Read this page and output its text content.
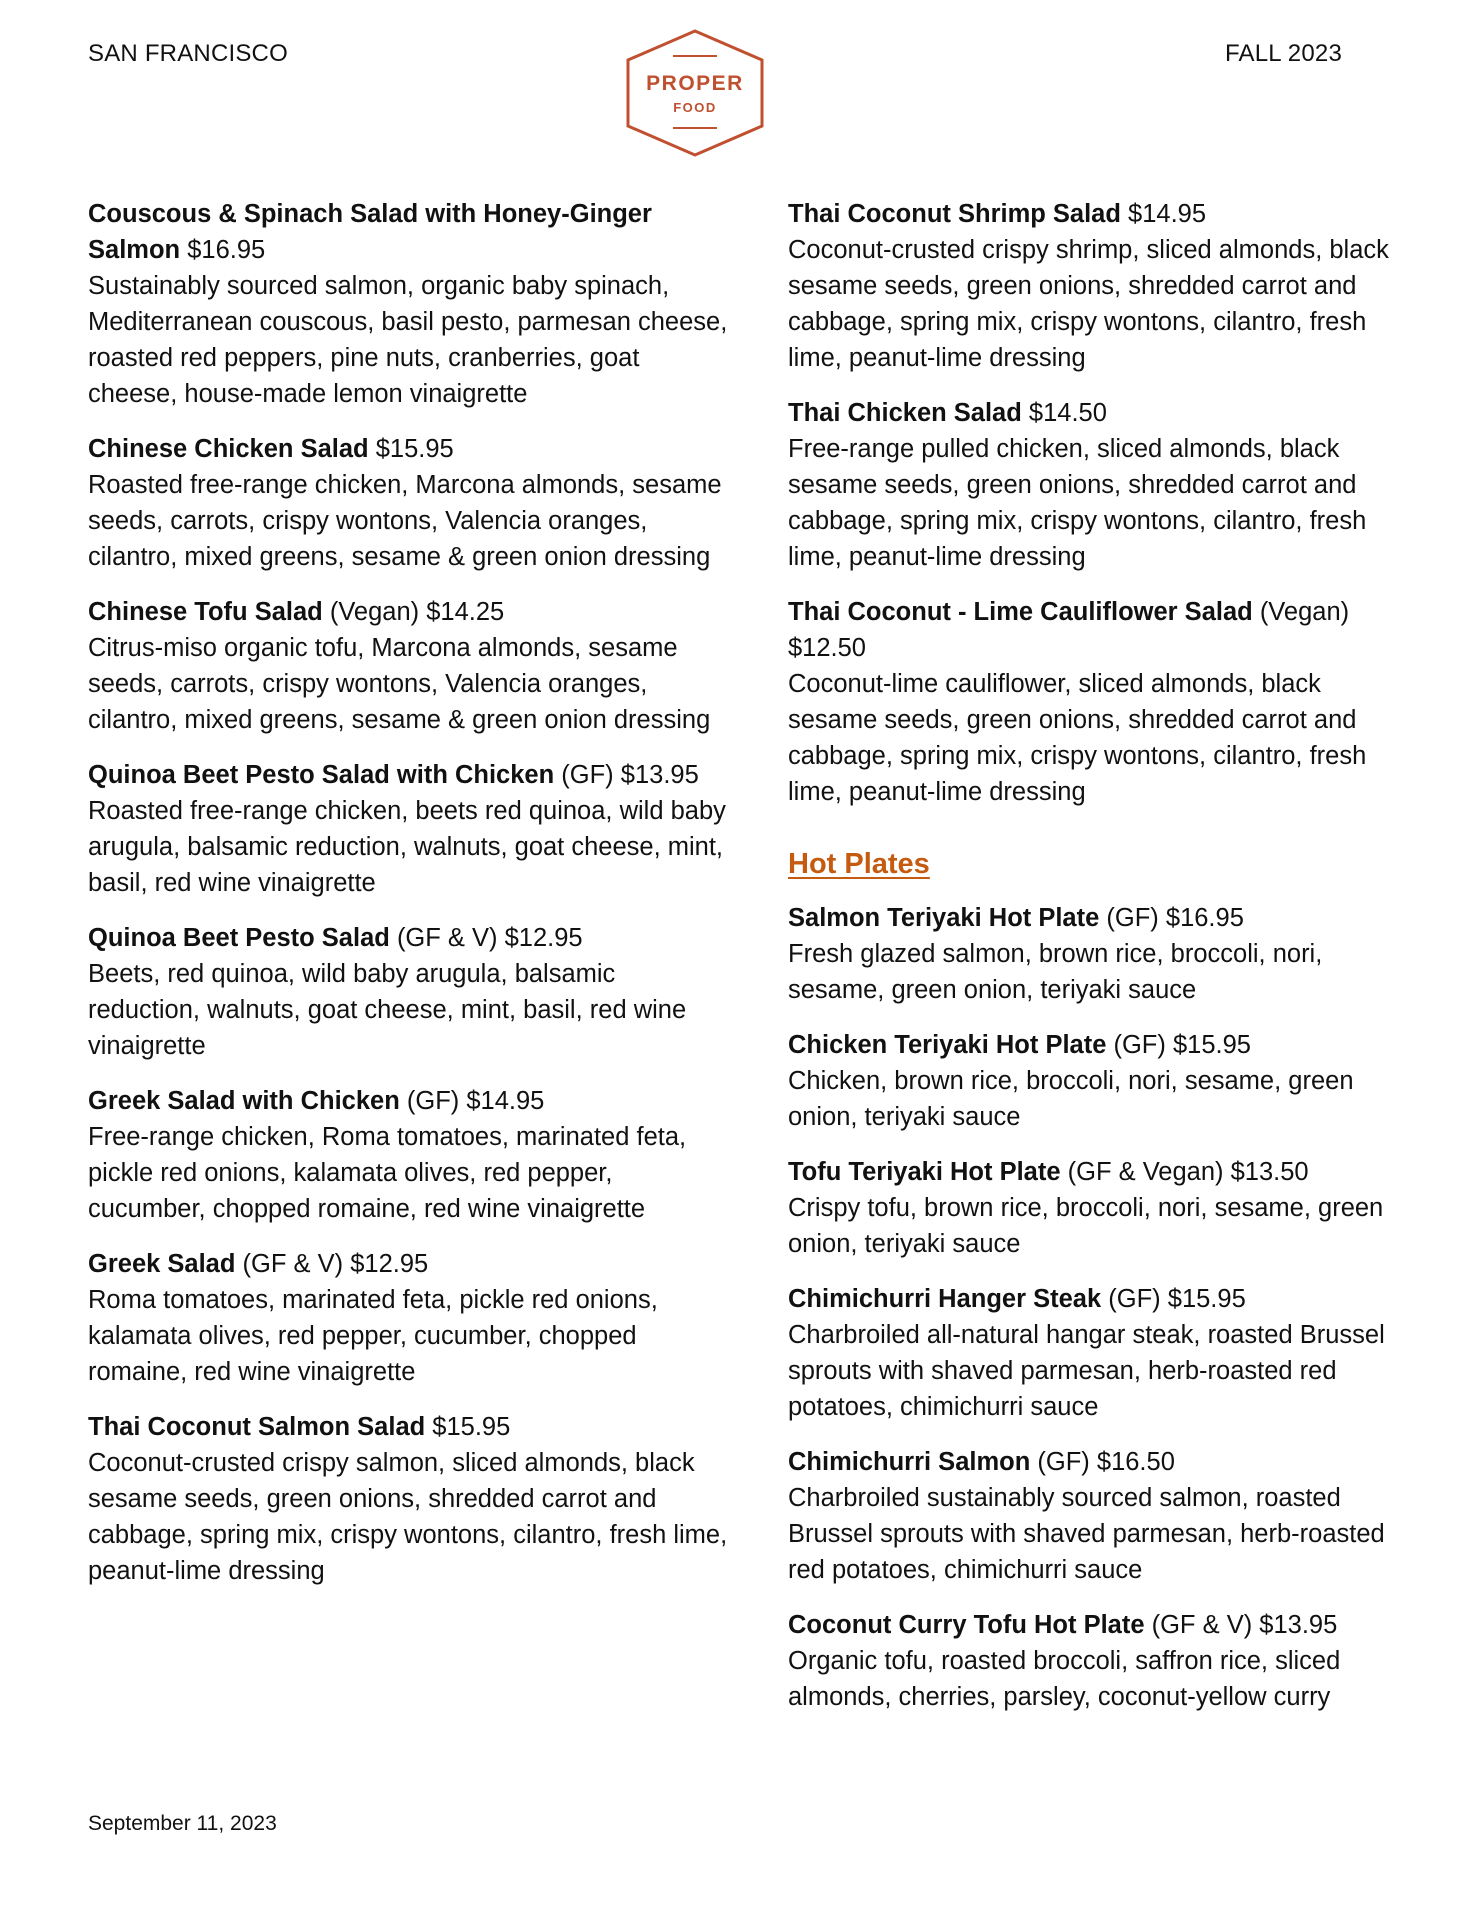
SAN FRANCISCO	FALL 2023
PROPER
FOOD
Couscous & Spinach Salad with Honey-Ginger Salmon $16.95
Sustainably sourced salmon, organic baby spinach, Mediterranean couscous, basil pesto, parmesan cheese, roasted red peppers, pine nuts, cranberries, goat cheese, house-made lemon vinaigrette
Chinese Chicken Salad $15.95
Roasted free-range chicken, Marcona almonds, sesame seeds, carrots, crispy wontons, Valencia oranges, cilantro, mixed greens, sesame & green onion dressing
Chinese Tofu Salad (Vegan) $14.25
Citrus-miso organic tofu, Marcona almonds, sesame seeds, carrots, crispy wontons, Valencia oranges, cilantro, mixed greens, sesame & green onion dressing
Quinoa Beet Pesto Salad with Chicken (GF) $13.95
Roasted free-range chicken, beets red quinoa, wild baby arugula, balsamic reduction, walnuts, goat cheese, mint, basil, red wine vinaigrette
Quinoa Beet Pesto Salad (GF & V) $12.95
Beets, red quinoa, wild baby arugula, balsamic reduction, walnuts, goat cheese, mint, basil, red wine vinaigrette
Greek Salad with Chicken (GF) $14.95
Free-range chicken, Roma tomatoes, marinated feta, pickle red onions, kalamata olives, red pepper, cucumber, chopped romaine, red wine vinaigrette
Greek Salad (GF & V) $12.95
Roma tomatoes, marinated feta, pickle red onions, kalamata olives, red pepper, cucumber, chopped romaine, red wine vinaigrette
Thai Coconut Salmon Salad $15.95
Coconut-crusted crispy salmon, sliced almonds, black sesame seeds, green onions, shredded carrot and cabbage, spring mix, crispy wontons, cilantro, fresh lime, peanut-lime dressing
Thai Coconut Shrimp Salad $14.95
Coconut-crusted crispy shrimp, sliced almonds, black sesame seeds, green onions, shredded carrot and cabbage, spring mix, crispy wontons, cilantro, fresh lime, peanut-lime dressing
Thai Chicken Salad $14.50
Free-range pulled chicken, sliced almonds, black sesame seeds, green onions, shredded carrot and cabbage, spring mix, crispy wontons, cilantro, fresh lime, peanut-lime dressing
Thai Coconut - Lime Cauliflower Salad (Vegan) $12.50
Coconut-lime cauliflower, sliced almonds, black sesame seeds, green onions, shredded carrot and cabbage, spring mix, crispy wontons, cilantro, fresh lime, peanut-lime dressing
Hot Plates
Salmon Teriyaki Hot Plate (GF) $16.95
Fresh glazed salmon, brown rice, broccoli, nori, sesame, green onion, teriyaki sauce
Chicken Teriyaki Hot Plate (GF) $15.95
Chicken, brown rice, broccoli, nori, sesame, green onion, teriyaki sauce
Tofu Teriyaki Hot Plate (GF & Vegan) $13.50
Crispy tofu, brown rice, broccoli, nori, sesame, green onion, teriyaki sauce
Chimichurri Hanger Steak (GF) $15.95
Charbroiled all-natural hangar steak, roasted Brussel sprouts with shaved parmesan, herb-roasted red potatoes, chimichurri sauce
Chimichurri Salmon (GF) $16.50
Charbroiled sustainably sourced salmon, roasted Brussel sprouts with shaved parmesan, herb-roasted red potatoes, chimichurri sauce
Coconut Curry Tofu Hot Plate (GF & V) $13.95
Organic tofu, roasted broccoli, saffron rice, sliced almonds, cherries, parsley, coconut-yellow curry
September 11, 2023
